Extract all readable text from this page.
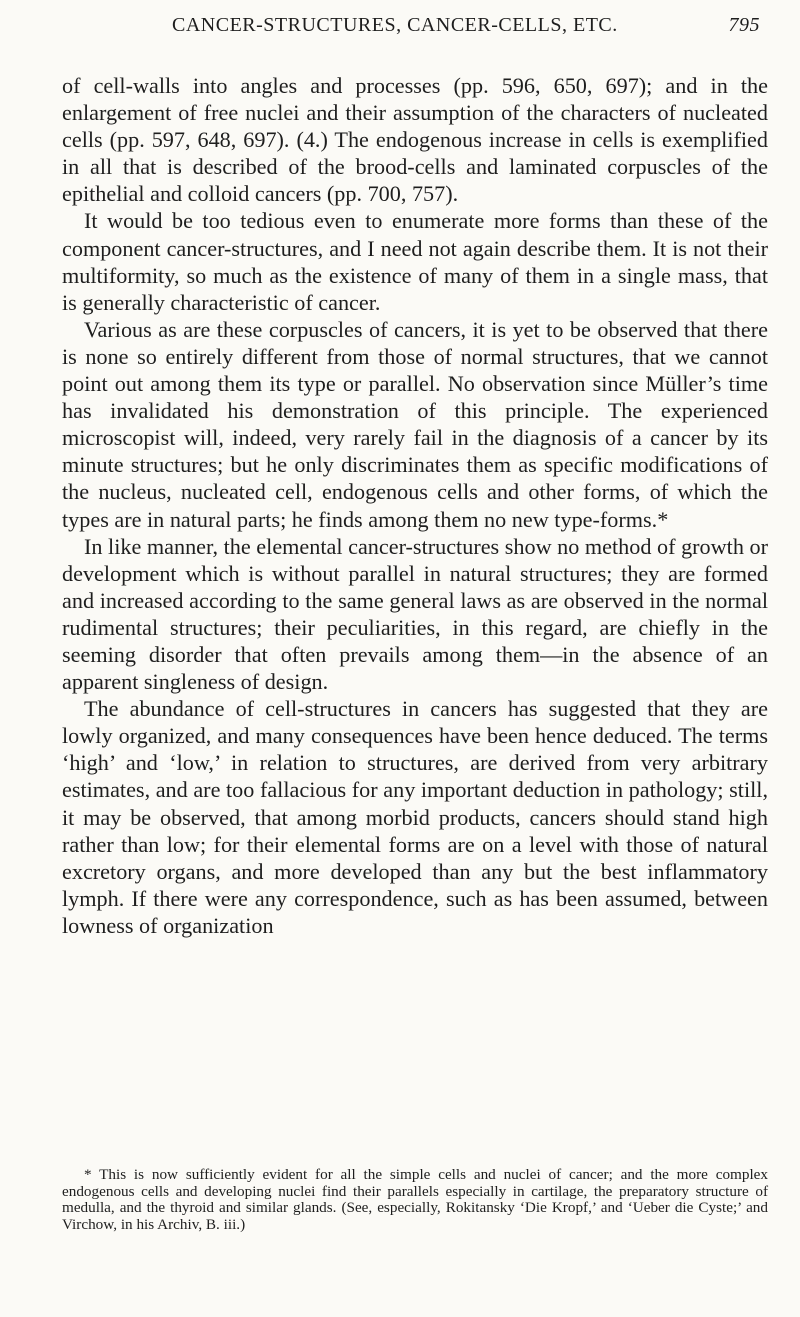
CANCER-STRUCTURES, CANCER-CELLS, ETC.	795

of cell-walls into angles and processes (pp. 596, 650, 697); and in the enlargement of free nuclei and their assumption of the characters of nucleated cells (pp. 597, 648, 697). (4.) The endogenous increase in cells is exemplified in all that is described of the brood-cells and laminated corpuscles of the epithelial and colloid cancers (pp. 700, 757).

It would be too tedious even to enumerate more forms than these of the component cancer-structures, and I need not again describe them. It is not their multiformity, so much as the existence of many of them in a single mass, that is generally characteristic of cancer.

Various as are these corpuscles of cancers, it is yet to be observed that there is none so entirely different from those of normal structures, that we cannot point out among them its type or parallel. No observation since Müller’s time has invalidated his demonstration of this principle. The experienced microscopist will, indeed, very rarely fail in the diagnosis of a cancer by its minute structures; but he only discriminates them as specific modifications of the nucleus, nucleated cell, endogenous cells and other forms, of which the types are in natural parts; he finds among them no new type-forms.*

In like manner, the elemental cancer-structures show no method of growth or development which is without parallel in natural structures; they are formed and increased according to the same general laws as are observed in the normal rudimental structures; their peculiarities, in this regard, are chiefly in the seeming disorder that often prevails among them—in the absence of an apparent singleness of design.

The abundance of cell-structures in cancers has suggested that they are lowly organized, and many consequences have been hence deduced. The terms ‘high’ and ‘low,’ in relation to structures, are derived from very arbitrary estimates, and are too fallacious for any important deduction in pathology; still, it may be observed, that among morbid products, cancers should stand high rather than low; for their elemental forms are on a level with those of natural excretory organs, and more developed than any but the best inflammatory lymph. If there were any correspondence, such as has been assumed, between lowness of organization

* This is now sufficiently evident for all the simple cells and nuclei of cancer; and the more complex endogenous cells and developing nuclei find their parallels especially in cartilage, the preparatory structure of medulla, and the thyroid and similar glands. (See, especially, Rokitansky ‘Die Kropf,’ and ‘Ueber die Cyste;’ and Virchow, in his Archiv, B. iii.)
